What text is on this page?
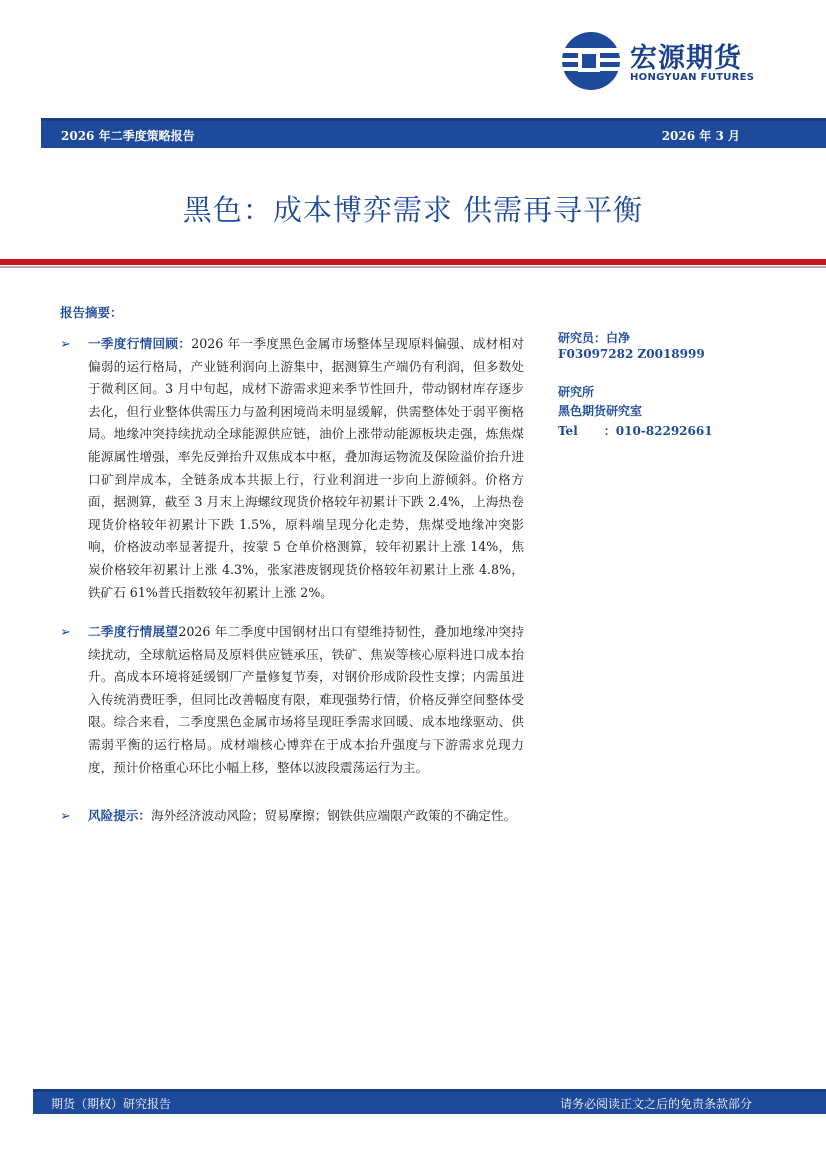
宏源期货
HONGYUAN FUTURES
2026 年二季度策略报告	2026 年 3 月
黑色：成本博弈需求 供需再寻平衡
报告摘要：
➢ 一季度行情回顾：2026 年一季度黑色金属市场整体呈现原料偏强、成材相对偏弱的运行格局，产业链利润向上游集中，据测算生产端仍有利润，但多数处于微利区间。3 月中旬起，成材下游需求迎来季节性回升，带动钢材库存逐步去化，但行业整体供需压力与盈利困境尚未明显缓解，供需整体处于弱平衡格局。地缘冲突持续扰动全球能源供应链，油价上涨带动能源板块走强，炼焦煤能源属性增强，率先反弹抬升双焦成本中枢，叠加海运物流及保险溢价抬升进口矿到岸成本，全链条成本共振上行，行业利润进一步向上游倾斜。价格方面，据测算，截至 3 月末上海螺纹现货价格较年初累计下跌 2.4%，上海热卷现货价格较年初累计下跌 1.5%，原料端呈现分化走势，焦煤受地缘冲突影响，价格波动率显著提升，按蒙 5 仓单价格测算，较年初累计上涨 14%，焦炭价格较年初累计上涨 4.3%，张家港废钢现货价格较年初累计上涨 4.8%，铁矿石 61%普氏指数较年初累计上涨 2%。
➢ 二季度行情展望2026 年二季度中国钢材出口有望维持韧性，叠加地缘冲突持续扰动，全球航运格局及原料供应链承压，铁矿、焦炭等核心原料进口成本抬升。高成本环境将延缓钢厂产量修复节奏，对钢价形成阶段性支撑；内需虽进入传统消费旺季，但同比改善幅度有限，难现强势行情，价格反弹空间整体受限。综合来看，二季度黑色金属市场将呈现旺季需求回暖、成本地缘驱动、供需弱平衡的运行格局。成材端核心博弈在于成本抬升强度与下游需求兑现力度，预计价格重心环比小幅上移，整体以波段震荡运行为主。
➢ 风险提示：海外经济波动风险；贸易摩擦；钢铁供应端限产政策的不确定性。
研究员：白净
F03097282 Z0018999
研究所
黑色期货研究室
Tel ：010-82292661
期货（期权）研究报告	请务必阅读正文之后的免责条款部分
